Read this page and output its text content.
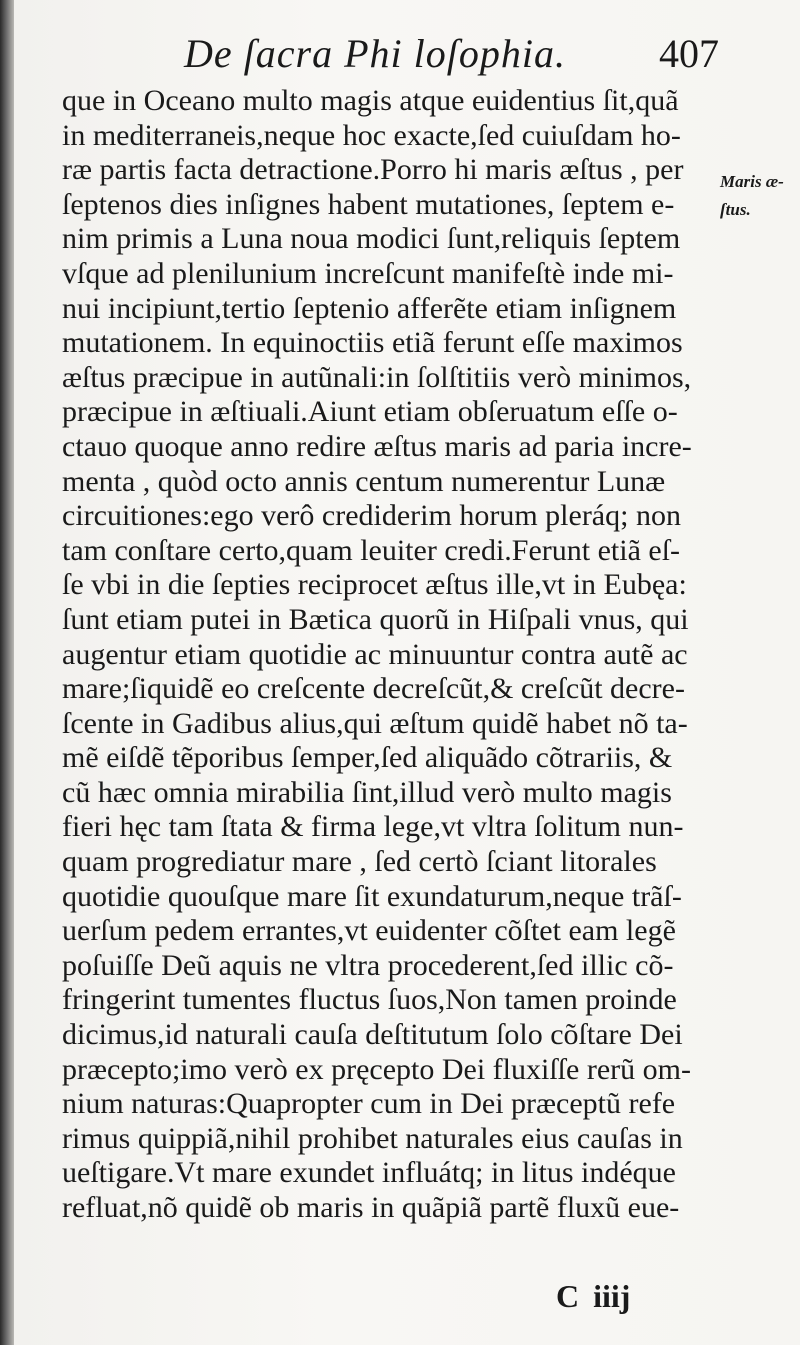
De ſacra Phi loſophia. 407
que in Oceano multo magis atque euidentius ſit,quã
in mediterraneis,neque hoc exacte,ſed cuiuſdam ho-
ræ partis facta detractione.Porro hi maris æſtus , per
ſeptenos dies inſignes habent mutationes, ſeptem e-
nim primis a Luna noua modici ſunt,reliquis ſeptem
vſque ad plenilunium increſcunt manifeſtè inde mi-
nui incipiunt,tertio ſeptenio afferẽte etiam inſignem
mutationem. In equinoctiis etiã ferunt eſſe maximos
æſtus præcipue in autũnali:in ſolſtitiis verò minimos,
præcipue in æſtiuali.Aiunt etiam obſeruatum eſſe o-
ctauo quoque anno redire æſtus maris ad paria incre-
menta , quòd octo annis centum numerentur Lunæ
circuitiones:ego verô crediderim horum pleráq; non
tam conſtare certo,quam leuiter credi.Ferunt etiã eſ-
ſe vbi in die ſepties reciprocet æſtus ille,vt in Eubęa:
ſunt etiam putei in Bætica quorũ in Hiſpali vnus, qui
augentur etiam quotidie ac minuuntur contra autẽ ac
mare;ſiquidẽ eo creſcente decreſcũt,& creſcũt decre-
ſcente in Gadibus alius,qui æſtum quidẽ habet nõ ta-
mẽ eiſdẽ tẽporibus ſemper,ſed aliquãdo cõtrariis, &
cũ hæc omnia mirabilia ſint,illud verò multo magis
fieri hęc tam ſtata & firma lege,vt vltra ſolitum nun-
quam progrediatur mare , ſed certò ſciant litorales
quotidie quouſque mare ſit exundaturum,neque trãſ-
uerſum pedem errantes,vt euidenter cõſtet eam legẽ
poſuiſſe Deũ aquis ne vltra procederent,ſed illic cõ-
fringerint tumentes fluctus ſuos,Non tamen proinde
dicimus,id naturali cauſa deſtitutum ſolo cõſtare Dei
præcepto;imo verò ex pręcepto Dei fluxiſſe rerũ om-
nium naturas:Quapropter cum in Dei præceptũ refe
rimus quippiã,nihil prohibet naturales eius cauſas in
ueſtigare.Vt mare exundet influátq; in litus indéque
refluat,nõ quidẽ ob maris in quãpiã partẽ fluxũ eue-
Maris æ-
ſtus.
C iiij
